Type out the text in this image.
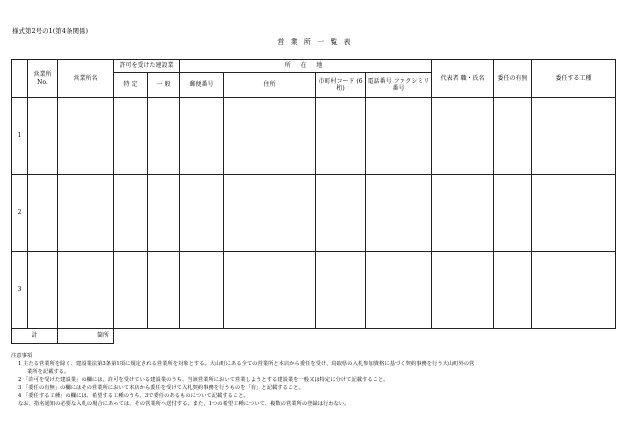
様式第2号の1(第4条関係)
営 業 所 一 覧 表
	営業所 No.	営業所名	許可を受けた建設業		所 在 地				代表者 職・氏名	委任の有無	委任する工種
			特 定	一 般	郵便番号	住所	市町村コード (6桁)	電話番号 ファクシミリ番号			
1											
2											
3											
計		箇所									

注意事項
1 主たる営業所を除く、建設業法第3条第1項に規定される営業所を対象とする。大山町にある全ての営業所と本店から委任を受け、鳥取県の入札参加資格に基づく契約事務を行う大山町外の営
業所を記載する。
2 「許可を受けた建設業」の欄には、許可を受けている建設業のうち、当該営業所において営業しようとする建設業を一般又は特定に分けて記載すること。
3 「委任の有無」の欄にはその営業所において本店から委任を受けて入札契約事務を行うものを「有」と記載すること。
4 「委任する工種」の欄には、希望する工種のうち、3で委任のあるものについて記載すること。
なお、指名通知の必要な入札の場合にあっては、その営業所へ送付する。また、1つの希望工種について、複数の営業所の登録は行わない。
